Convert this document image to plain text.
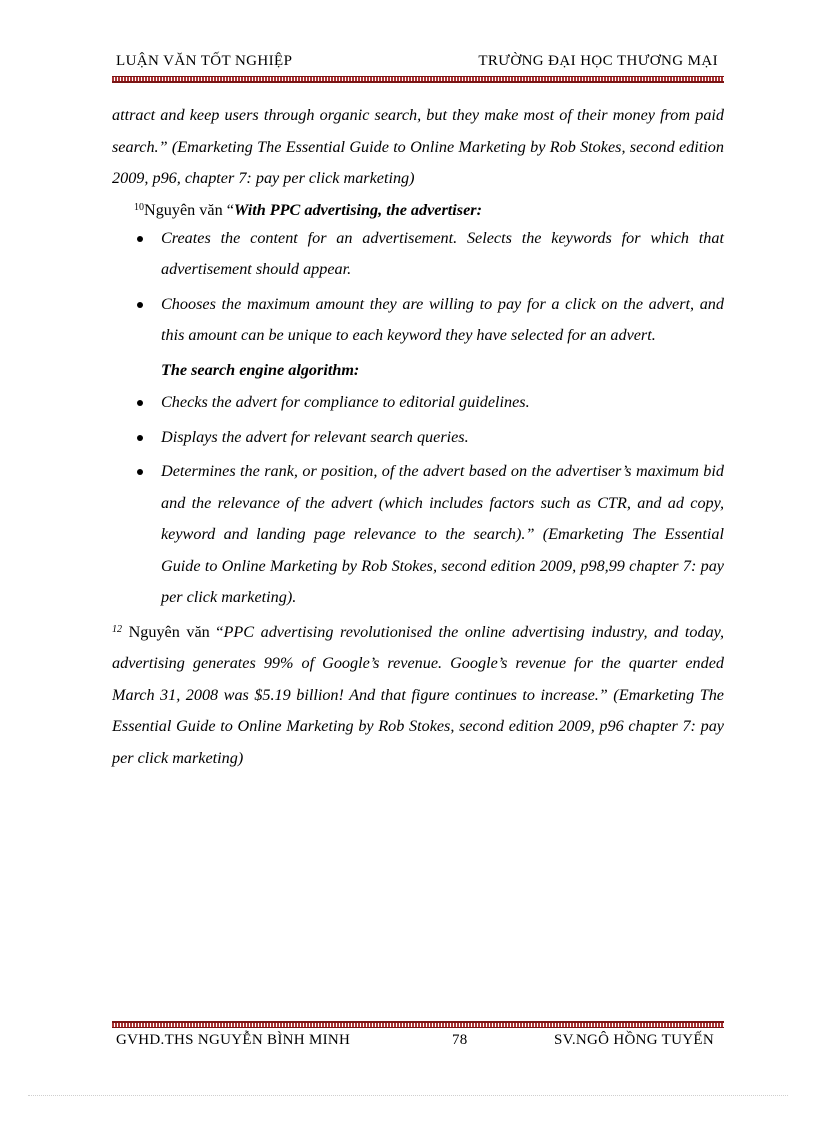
LUẬN VĂN TỐT NGHIỆP	TRƯỜNG ĐẠI HỌC THƯƠNG MẠI

attract and keep users through organic search, but they make most of their money from paid search.” (Emarketing The Essential Guide to Online Marketing by Rob Stokes, second edition 2009, p96, chapter 7: pay per click marketing)

$^{10}$Nguyên văn “With PPC advertising, the advertiser:

Creates the content for an advertisement. Selects the keywords for which that advertisement should appear.
Chooses the maximum amount they are willing to pay for a click on the advert, and this amount can be unique to each keyword they have selected for an advert.

The search engine algorithm:

Checks the advert for compliance to editorial guidelines.
Displays the advert for relevant search queries.
Determines the rank, or position, of the advert based on the advertiser’s maximum bid and the relevance of the advert (which includes factors such as CTR, and ad copy, keyword and landing page relevance to the search).” (Emarketing The Essential Guide to Online Marketing by Rob Stokes, second edition 2009, p98,99 chapter 7: pay per click marketing).

$^{12}$ Nguyên văn “PPC advertising revolutionised the online advertising industry, and today, advertising generates 99% of Google’s revenue. Google’s revenue for the quarter ended March 31, 2008 was $5.19 billion! And that figure continues to increase.” (Emarketing The Essential Guide to Online Marketing by Rob Stokes, second edition 2009, p96 chapter 7: pay per click marketing)

GVHD.THS NGUYỄN BÌNH MINH	78	SV.NGÔ HỒNG TUYẾN
